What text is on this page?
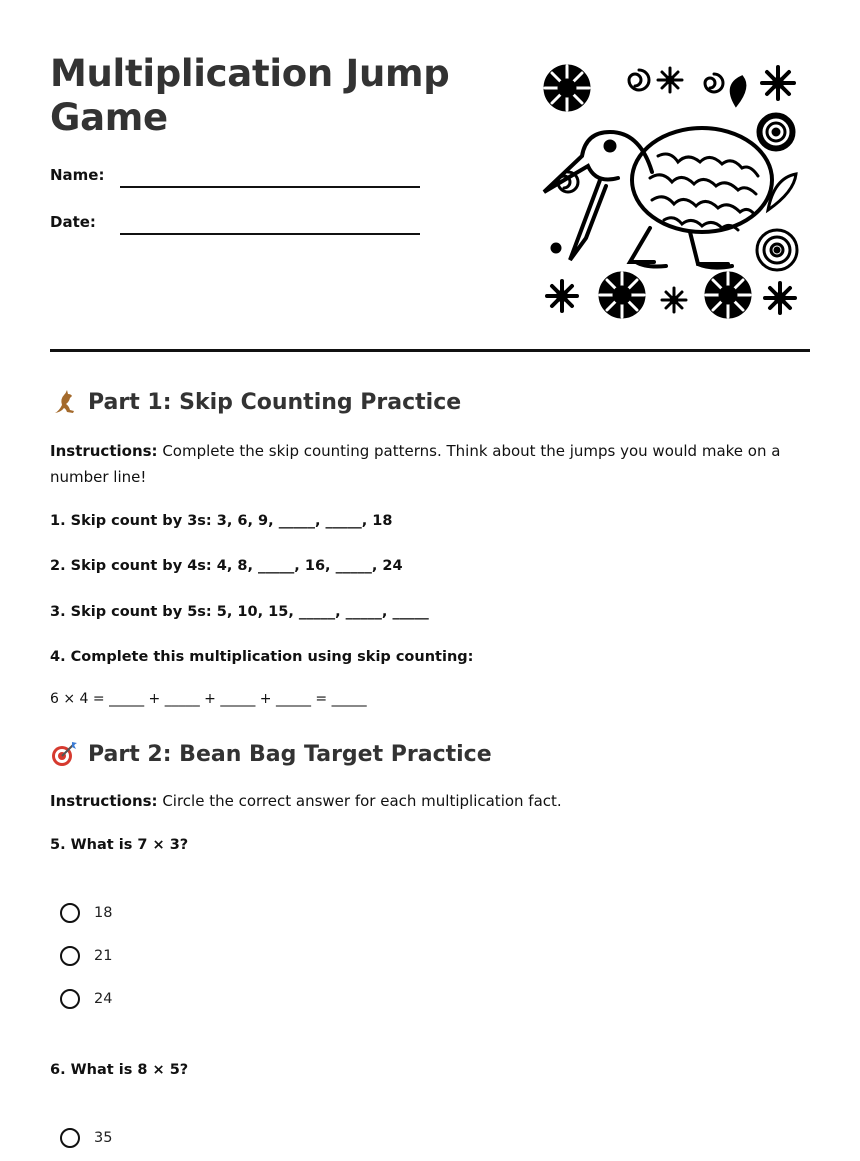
Multiplication Jump Game
Name:
Date:
Part 1: Skip Counting Practice
Instructions: Complete the skip counting patterns. Think about the jumps you would make on a number line!
1. Skip count by 3s: 3, 6, 9, _____, _____, 18
2. Skip count by 4s: 4, 8, _____, 16, _____, 24
3. Skip count by 5s: 5, 10, 15, _____, _____, _____
4. Complete this multiplication using skip counting:
6 × 4 = _____ + _____ + _____ + _____ = _____
Part 2: Bean Bag Target Practice
Instructions: Circle the correct answer for each multiplication fact.
5. What is 7 × 3?
18
21
24
6. What is 8 × 5?
35
